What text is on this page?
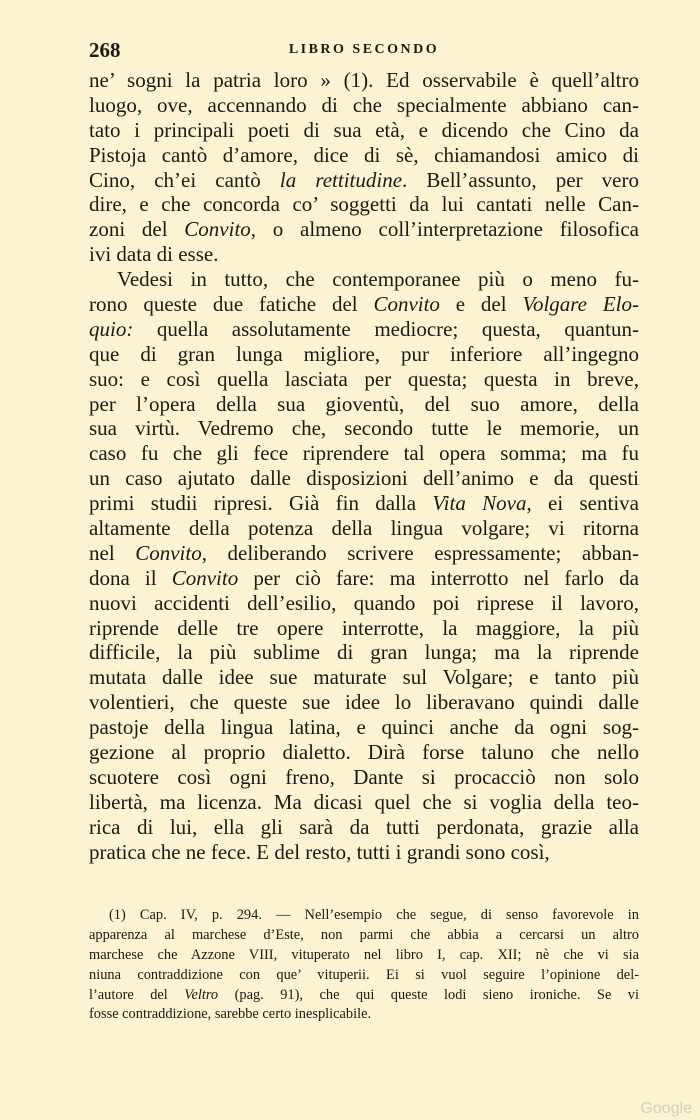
268	LIBRO SECONDO
ne’ sogni la patria loro » (1). Ed osservabile è quell’altro
luogo, ove, accennando di che specialmente abbiano can-
tato i principali poeti di sua età, e dicendo che Cino da
Pistoja cantò d’amore, dice di sè, chiamandosi amico di
Cino, ch’ei cantò la rettitudine. Bell’assunto, per vero
dire, e che concorda co’ soggetti da lui cantati nelle Can-
zoni del Convito, o almeno coll’interpretazione filosofica
ivi data di esse.
Vedesi in tutto, che contemporanee più o meno fu-
rono queste due fatiche del Convito e del Volgare Elo-
quio: quella assolutamente mediocre; questa, quantun-
que di gran lunga migliore, pur inferiore all’ingegno
suo: e così quella lasciata per questa; questa in breve,
per l’opera della sua gioventù, del suo amore, della
sua virtù. Vedremo che, secondo tutte le memorie, un
caso fu che gli fece riprendere tal opera somma; ma fu
un caso ajutato dalle disposizioni dell’animo e da questi
primi studii ripresi. Già fin dalla Vita Nova, ei sentiva
altamente della potenza della lingua volgare; vi ritorna
nel Convito, deliberando scrivere espressamente; abban-
dona il Convito per ciò fare: ma interrotto nel farlo da
nuovi accidenti dell’esilio, quando poi riprese il lavoro,
riprende delle tre opere interrotte, la maggiore, la più
difficile, la più sublime di gran lunga; ma la riprende
mutata dalle idee sue maturate sul Volgare; e tanto più
volentieri, che queste sue idee lo liberavano quindi dalle
pastoje della lingua latina, e quinci anche da ogni sog-
gezione al proprio dialetto. Dirà forse taluno che nello
scuotere così ogni freno, Dante si procacciò non solo
libertà, ma licenza. Ma dicasi quel che si voglia della teo-
rica di lui, ella gli sarà da tutti perdonata, grazie alla
pratica che ne fece. E del resto, tutti i grandi sono così,
(1) Cap. IV, p. 294. — Nell’esempio che segue, di senso favorevole in
apparenza al marchese d’Este, non parmi che abbia a cercarsi un altro
marchese che Azzone VIII, vituperato nel libro I, cap. XII; nè che vi sia
niuna contraddizione con que’ vituperii. Ei si vuol seguire l’opinione del-
l’autore del Veltro (pag. 91), che qui queste lodi sieno ironiche. Se vi
fosse contraddizione, sarebbe certo inesplicabile.
Google
